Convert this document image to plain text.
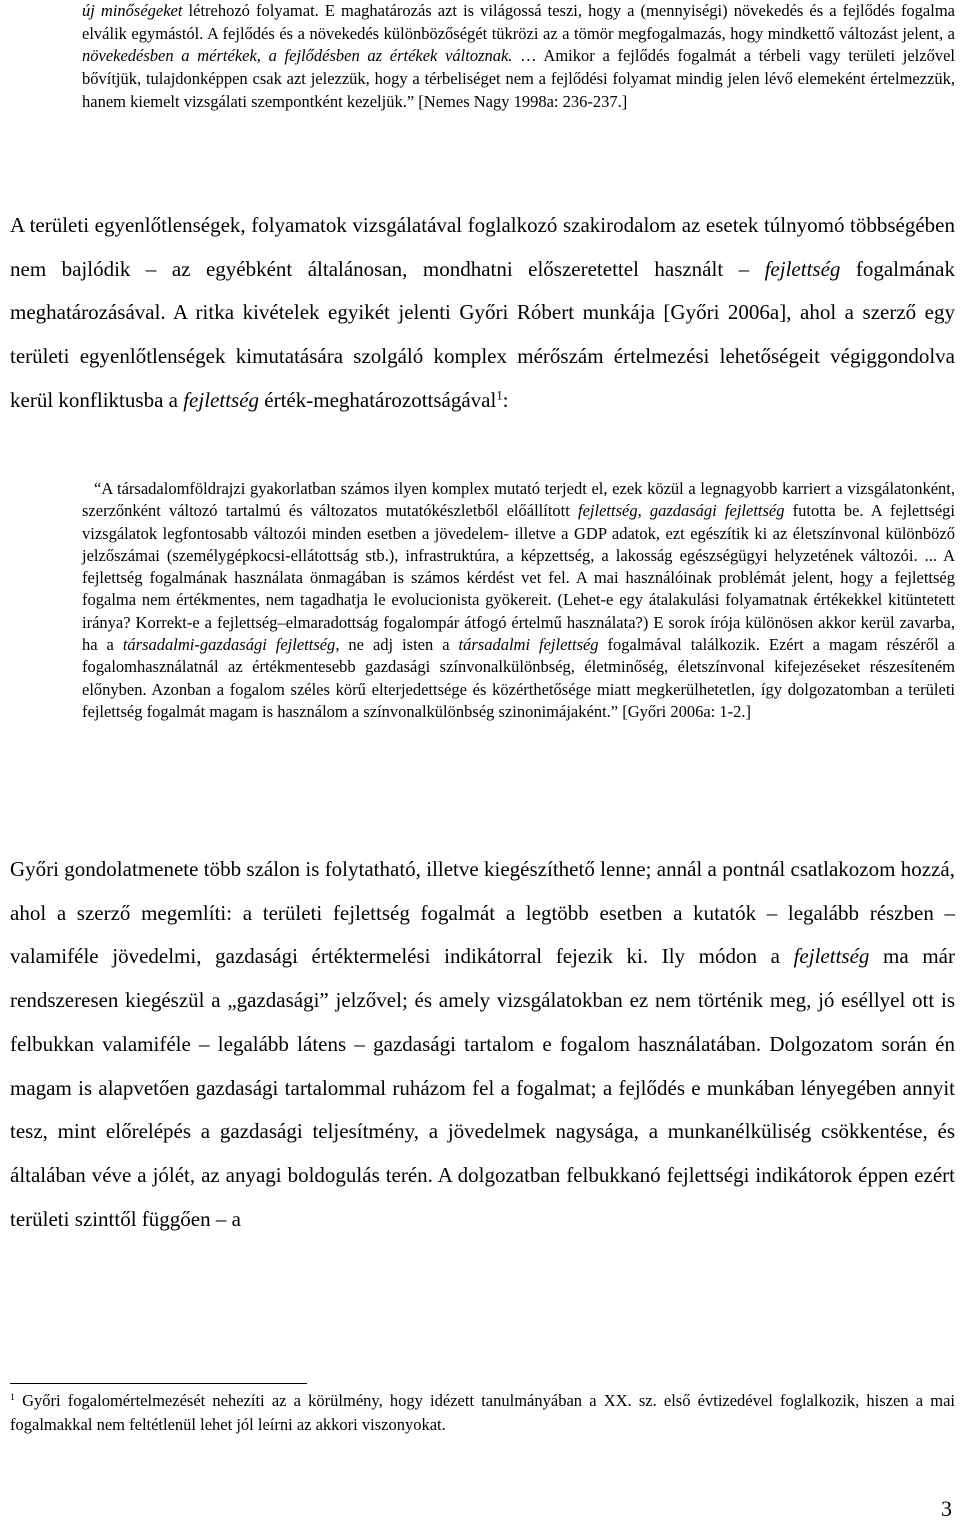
új minőségeket létrehozó folyamat. E maghatározás azt is világossá teszi, hogy a (mennyiségi) növekedés és a fejlődés fogalma elválik egymástól. A fejlődés és a növekedés különbözőségét tükrözi az a tömör megfogalmazás, hogy mindkettő változást jelent, a növekedésben a mértékek, a fejlődésben az értékek változnak. … Amikor a fejlődés fogalmát a térbeli vagy területi jelzővel bővítjük, tulajdonképpen csak azt jelezzük, hogy a térbeliséget nem a fejlődési folyamat mindig jelen lévő elemeként értelmezzük, hanem kiemelt vizsgálati szempontként kezeljük.” [Nemes Nagy 1998a: 236-237.]

A területi egyenlőtlenségek, folyamatok vizsgálatával foglalkozó szakirodalom az esetek túlnyomó többségében nem bajlódik – az egyébként általánosan, mondhatni előszeretettel használt – fejlettség fogalmának meghatározásával. A ritka kivételek egyikét jelenti Győri Róbert munkája [Győri 2006a], ahol a szerző egy területi egyenlőtlenségek kimutatására szolgáló komplex mérőszám értelmezési lehetőségeit végiggondolva kerül konfliktusba a fejlettség érték-meghatározottságával$^1$:

“A társadalomföldrajzi gyakorlatban számos ilyen komplex mutató terjedt el, ezek közül a legnagyobb karriert a vizsgálatonként, szerzőnként változó tartalmú és változatos mutatókészletből előállított fejlettség, gazdasági fejlettség futotta be. A fejlettségi vizsgálatok legfontosabb változói minden esetben a jövedelem- illetve a GDP adatok, ezt egészítik ki az életszínvonal különböző jelzőszámai (személygépkocsi-ellátottság stb.), infrastruktúra, a képzettség, a lakosság egészségügyi helyzetének változói. ... A fejlettség fogalmának használata önmagában is számos kérdést vet fel. A mai használóinak problémát jelent, hogy a fejlettség fogalma nem értékmentes, nem tagadhatja le evolucionista gyökereit. (Lehet-e egy átalakulási folyamatnak értékekkel kitüntetett iránya? Korrekt-e a fejlettség–elmaradottság fogalompár átfogó értelmű használata?) E sorok írója különösen akkor kerül zavarba, ha a társadalmi-gazdasági fejlettség, ne adj isten a társadalmi fejlettség fogalmával találkozik. Ezért a magam részéről a fogalomhasználatnál az értékmentesebb gazdasági színvonalkülönbség, életminőség, életszínvonal kifejezéseket részesíteném előnyben. Azonban a fogalom széles körű elterjedettsége és közérthetősége miatt megkerülhetetlen, így dolgozatomban a területi fejlettség fogalmát magam is használom a színvonalkülönbség szinonimájaként.” [Győri 2006a: 1-2.]

Győri gondolatmenete több szálon is folytatható, illetve kiegészíthető lenne; annál a pontnál csatlakozom hozzá, ahol a szerző megemlíti: a területi fejlettség fogalmát a legtöbb esetben a kutatók – legalább részben – valamiféle jövedelmi, gazdasági értéktermelési indikátorral fejezik ki. Ily módon a fejlettség ma már rendszeresen kiegészül a „gazdasági” jelzővel; és amely vizsgálatokban ez nem történik meg, jó eséllyel ott is felbukkan valamiféle – legalább látens – gazdasági tartalom e fogalom használatában. Dolgozatom során én magam is alapvetően gazdasági tartalommal ruházom fel a fogalmat; a fejlődés e munkában lényegében annyit tesz, mint előrelépés a gazdasági teljesítmény, a jövedelmek nagysága, a munkanélküliség csökkentése, és általában véve a jólét, az anyagi boldogulás terén. A dolgozatban felbukkanó fejlettségi indikátorok éppen ezért területi szinttől függően – a

$^1$ Győri fogalomértelmezését nehezíti az a körülmény, hogy idézett tanulmányában a XX. sz. első évtizedével foglalkozik, hiszen a mai fogalmakkal nem feltétlenül lehet jól leírni az akkori viszonyokat.

3
